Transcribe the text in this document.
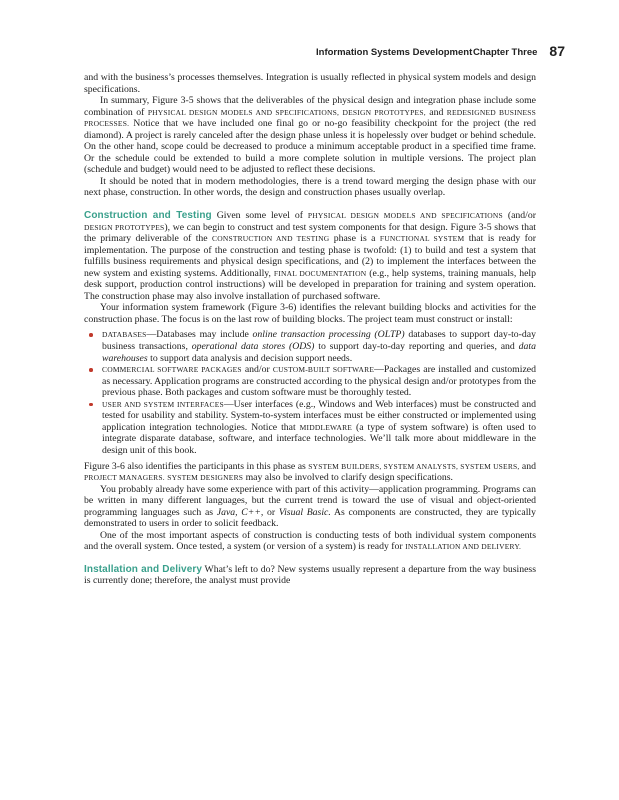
Information Systems Development Chapter Three 87

and with the business’s processes themselves. Integration is usually reflected in physical system models and design specifications.

In summary, Figure 3-5 shows that the deliverables of the physical design and integration phase include some combination of PHYSICAL DESIGN MODELS AND SPECIFICATIONS, DESIGN PROTOTYPES, and REDESIGNED BUSINESS PROCESSES. Notice that we have included one final go or no-go feasibility checkpoint for the project (the red diamond). A project is rarely canceled after the design phase unless it is hopelessly over budget or behind schedule. On the other hand, scope could be decreased to produce a minimum acceptable product in a specified time frame. Or the schedule could be extended to build a more complete solution in multiple versions. The project plan (schedule and budget) would need to be adjusted to reflect these decisions.

It should be noted that in modern methodologies, there is a trend toward merging the design phase with our next phase, construction. In other words, the design and construction phases usually overlap.

Construction and Testing Given some level of PHYSICAL DESIGN MODELS AND SPECIFICATIONS (and/or DESIGN PROTOTYPES), we can begin to construct and test system components for that design. Figure 3-5 shows that the primary deliverable of the CONSTRUCTION AND TESTING phase is a FUNCTIONAL SYSTEM that is ready for implementation. The purpose of the construction and testing phase is twofold: (1) to build and test a system that fulfills business requirements and physical design specifications, and (2) to implement the interfaces between the new system and existing systems. Additionally, FINAL DOCUMENTATION (e.g., help systems, training manuals, help desk support, production control instructions) will be developed in preparation for training and system operation. The construction phase may also involve installation of purchased software.

Your information system framework (Figure 3-6) identifies the relevant building blocks and activities for the construction phase. The focus is on the last row of building blocks. The project team must construct or install:

DATABASES—Databases may include online transaction processing (OLTP) databases to support day-to-day business transactions, operational data stores (ODS) to support day-to-day reporting and queries, and data warehouses to support data analysis and decision support needs.
COMMERCIAL SOFTWARE PACKAGES and/or CUSTOM-BUILT SOFTWARE—Packages are installed and customized as necessary. Application programs are constructed according to the physical design and/or prototypes from the previous phase. Both packages and custom software must be thoroughly tested.
USER AND SYSTEM INTERFACES—User interfaces (e.g., Windows and Web interfaces) must be constructed and tested for usability and stability. System-to-system interfaces must be either constructed or implemented using application integration technologies. Notice that MIDDLEWARE (a type of system software) is often used to integrate disparate database, software, and interface technologies. We’ll talk more about middleware in the design unit of this book.

Figure 3-6 also identifies the participants in this phase as SYSTEM BUILDERS, SYSTEM ANALYSTS, SYSTEM USERS, and PROJECT MANAGERS. SYSTEM DESIGNERS may also be involved to clarify design specifications.

You probably already have some experience with part of this activity—application programming. Programs can be written in many different languages, but the current trend is toward the use of visual and object-oriented programming languages such as Java, C++, or Visual Basic. As components are constructed, they are typically demonstrated to users in order to solicit feedback.

One of the most important aspects of construction is conducting tests of both individual system components and the overall system. Once tested, a system (or version of a system) is ready for INSTALLATION AND DELIVERY.

Installation and Delivery What’s left to do? New systems usually represent a departure from the way business is currently done; therefore, the analyst must provide
